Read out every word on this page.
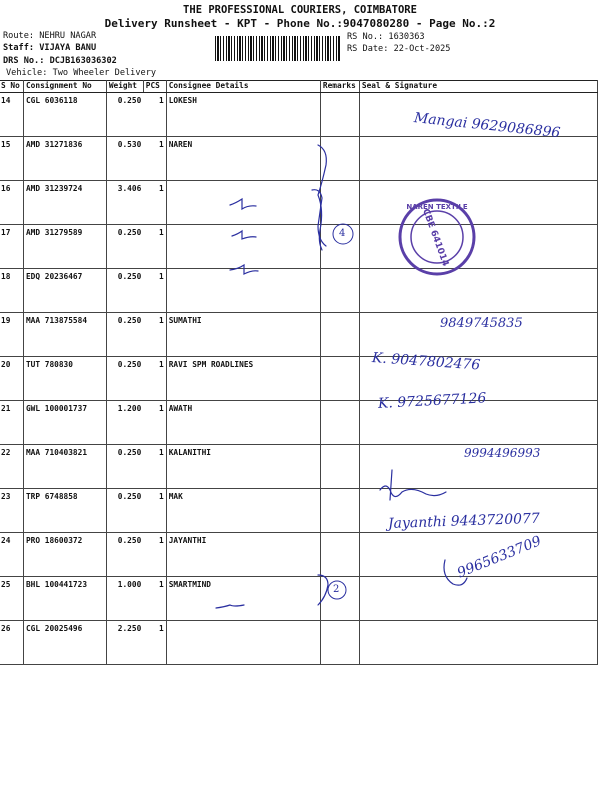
THE PROFESSIONAL COURIERS, COIMBATORE
Delivery Runsheet - KPT - Phone No.:9047080280 - Page No.:2
Route: NEHRU NAGAR
Staff: VIJAYA BANU
DRS No.: DCJB163036302
Vehicle: Two Wheeler Delivery
RS No.: 1630363
RS Date: 22-Oct-2025
S No	Consignment No	Weight	PCS	Consignee Details	Remarks	Seal & Signature
14	CGL 6036118	0.250	1	LOKESH		
15	AMD 31271836	0.530	1	NAREN		
16	AMD 31239724	3.406	1			
17	AMD 31279589	0.250	1			
18	EDQ 20236467	0.250	1			
19	MAA 713875584	0.250	1	SUMATHI		
20	TUT 780830	0.250	1	RAVI SPM ROADLINES		
21	GWL 100001737	1.200	1	AWATH		
22	MAA 710403821	0.250	1	KALANITHI		
23	TRP 6748858	0.250	1	MAK		
24	PRO 18600372	0.250	1	JAYANTHI		
25	BHL 100441723	1.000	1	SMARTMIND		
26	CGL 20025496	2.250	1			
4
2
Mangai 9629086896
9849745835
K. 9047802476
K. 9725677126
9994496993
Jayanthi 9443720077
9965633709
NAREN TEXTILE
CBE 641014
